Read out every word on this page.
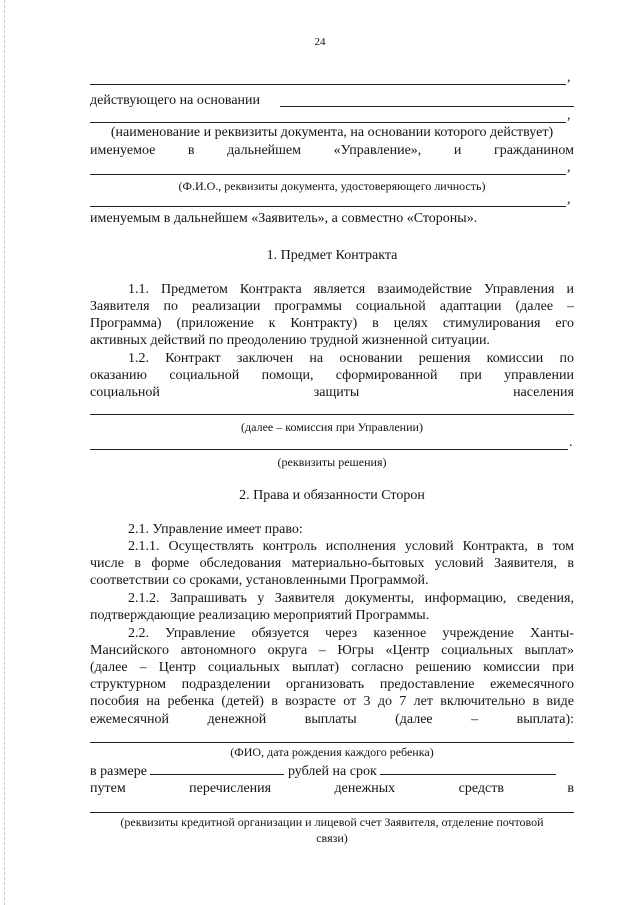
24
,
действующего на основании
,
(наименование и реквизиты документа, на основании которого действует)
именуемое в дальнейшем «Управление», и гражданином
,
(Ф.И.О., реквизиты документа, удостоверяющего личность)
,
именуемым в дальнейшем «Заявитель», а совместно «Стороны».
1. Предмет Контракта
1.1. Предметом Контракта является взаимодействие Управления и
Заявителя по реализации программы социальной адаптации (далее –
Программа) (приложение к Контракту) в целях стимулирования его
активных действий по преодолению трудной жизненной ситуации.
1.2. Контракт заключен на основании решения комиссии по
оказанию социальной помощи, сформированной при управлении
социальной	защиты	населения
(далее – комиссия при Управлении)
.
(реквизиты решения)
2. Права и обязанности Сторон
2.1. Управление имеет право:
2.1.1. Осуществлять контроль исполнения условий Контракта, в том
числе в форме обследования материально-бытовых условий Заявителя, в
соответствии со сроками, установленными Программой.
2.1.2. Запрашивать у Заявителя документы, информацию, сведения,
подтверждающие реализацию мероприятий Программы.
2.2. Управление обязуется через казенное учреждение Ханты-
Мансийского автономного округа – Югры «Центр социальных выплат»
(далее – Центр социальных выплат) согласно решению комиссии при
структурном подразделении организовать предоставление ежемесячного
пособия на ребенка (детей) в возрасте от 3 до 7 лет включительно в виде
ежемесячной	денежной	выплаты	(далее	–	выплата):
(ФИО, дата рождения каждого ребенка)
в размере	рублей на срок
путем	перечисления	денежных	средств	в
(реквизиты кредитной организации и лицевой счет Заявителя, отделение почтовой
связи)
